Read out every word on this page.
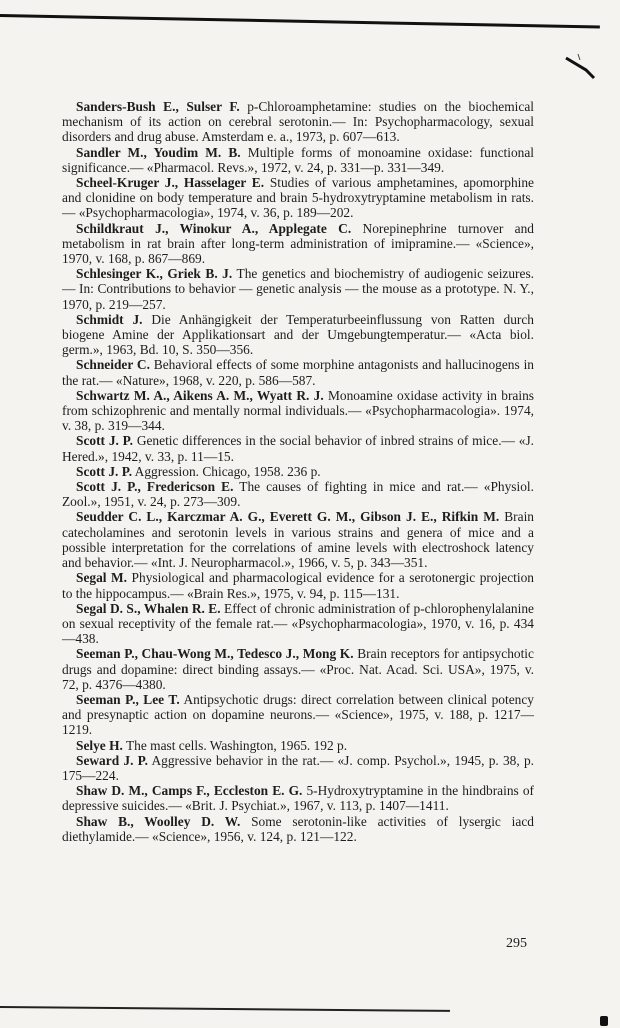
Sanders-Bush E., Sulser F. p-Chloroamphetamine: studies on the biochemical mechanism of its action on cerebral serotonin.— In: Psychopharmacology, sexual disorders and drug abuse. Amsterdam e. a., 1973, p. 607—613.

Sandler M., Youdim M. B. Multiple forms of monoamine oxidase: functional significance.— «Pharmacol. Revs.», 1972, v. 24, p. 331—p. 331—349.

Scheel-Kruger J., Hasselager E. Studies of various amphetamines, apomorphine and clonidine on body temperature and brain 5-hydroxytryptamine metabolism in rats.— «Psychopharmacologia», 1974, v. 36, p. 189—202.

Schildkraut J., Winokur A., Applegate C. Norepinephrine turnover and metabolism in rat brain after long-term administration of imipramine.— «Science», 1970, v. 168, p. 867—869.

Schlesinger K., Griek B. J. The genetics and biochemistry of audiogenic seizures.— In: Contributions to behavior — genetic analysis — the mouse as a prototype. N. Y., 1970, p. 219—257.

Schmidt J. Die Anhängigkeit der Temperaturbeeinflussung von Ratten durch biogene Amine der Applikationsart and der Umgebungtemperatur.— «Acta biol. germ.», 1963, Bd. 10, S. 350—356.

Schneider C. Behavioral effects of some morphine antagonists and hallucinogens in the rat.— «Nature», 1968, v. 220, p. 586—587.

Schwartz M. A., Aikens A. M., Wyatt R. J. Monoamine oxidase activity in brains from schizophrenic and mentally normal individuals.— «Psychopharmacologia». 1974, v. 38, p. 319—344.

Scott J. P. Genetic differences in the social behavior of inbred strains of mice.— «J. Hered.», 1942, v. 33, p. 11—15.

Scott J. P. Aggression. Chicago, 1958. 236 p.

Scott J. P., Fredericson E. The causes of fighting in mice and rat.— «Physiol. Zool.», 1951, v. 24, p. 273—309.

Seudder C. L., Karczmar A. G., Everett G. M., Gibson J. E., Rifkin M. Brain catecholamines and serotonin levels in various strains and genera of mice and a possible interpretation for the correlations of amine levels with electroshock latency and behavior.— «Int. J. Neuropharmacol.», 1966, v. 5, p. 343—351.

Segal M. Physiological and pharmacological evidence for a serotonergic projection to the hippocampus.— «Brain Res.», 1975, v. 94, p. 115—131.

Segal D. S., Whalen R. E. Effect of chronic administration of p-chlorophenylalanine on sexual receptivity of the female rat.— «Psychopharmacologia», 1970, v. 16, p. 434—438.

Seeman P., Chau-Wong M., Tedesco J., Mong K. Brain receptors for antipsychotic drugs and dopamine: direct binding assays.— «Proc. Nat. Acad. Sci. USA», 1975, v. 72, p. 4376—4380.

Seeman P., Lee T. Antipsychotic drugs: direct correlation between clinical potency and presynaptic action on dopamine neurons.— «Science», 1975, v. 188, p. 1217—1219.

Selye H. The mast cells. Washington, 1965. 192 p.

Seward J. P. Aggressive behavior in the rat.— «J. comp. Psychol.», 1945, p. 38, p. 175—224.

Shaw D. M., Camps F., Eccleston E. G. 5-Hydroxytryptamine in the hindbrains of depressive suicides.— «Brit. J. Psychiat.», 1967, v. 113, p. 1407—1411.

Shaw B., Woolley D. W. Some serotonin-like activities of lysergic iacd diethylamide.— «Science», 1956, v. 124, p. 121—122.

295
